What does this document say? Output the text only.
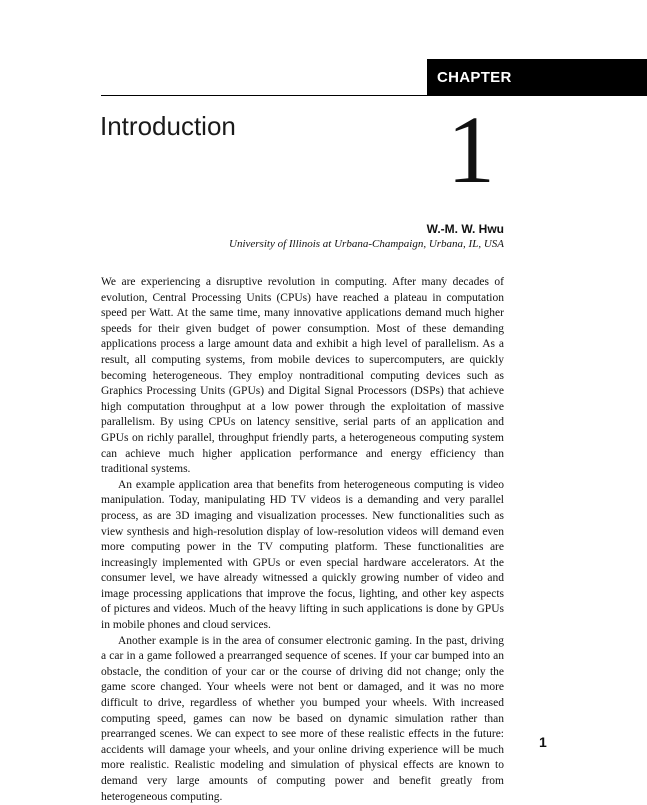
CHAPTER
Introduction 1
W.-M. W. Hwu
University of Illinois at Urbana-Champaign, Urbana, IL, USA

We are experiencing a disruptive revolution in computing. After many decades of evolution, Central Processing Units (CPUs) have reached a plateau in computation speed per Watt. At the same time, many innovative applications demand much higher speeds for their given budget of power consumption. Most of these demanding applications process a large amount data and exhibit a high level of parallelism. As a result, all computing systems, from mobile devices to supercomputers, are quickly becoming heterogeneous. They employ nontraditional computing devices such as Graphics Processing Units (GPUs) and Digital Signal Processors (DSPs) that achieve high computation throughput at a low power through the exploitation of massive parallelism. By using CPUs on latency sensitive, serial parts of an application and GPUs on richly parallel, throughput friendly parts, a heterogeneous computing system can achieve much higher application performance and energy efficiency than traditional systems.

An example application area that benefits from heterogeneous computing is video manipulation. Today, manipulating HD TV videos is a demanding and very parallel process, as are 3D imaging and visualization processes. New functionalities such as view synthesis and high-resolution display of low-resolution videos will demand even more computing power in the TV computing platform. These functionalities are increasingly implemented with GPUs or even special hardware accelerators. At the consumer level, we have already witnessed a quickly growing number of video and image processing applications that improve the focus, lighting, and other key aspects of pictures and videos. Much of the heavy lifting in such applications is done by GPUs in mobile phones and cloud services.

Another example is in the area of consumer electronic gaming. In the past, driving a car in a game followed a prearranged sequence of scenes. If your car bumped into an obstacle, the condition of your car or the course of driving did not change; only the game score changed. Your wheels were not bent or damaged, and it was no more difficult to drive, regardless of whether you bumped your wheels. With increased computing speed, games can now be based on dynamic simulation rather than prearranged scenes. We can expect to see more of these realistic effects in the future: accidents will damage your wheels, and your online driving experience will be much more realistic. Realistic modeling and simulation of physical effects are known to demand very large amounts of computing power and benefit greatly from heterogeneous computing.

1
